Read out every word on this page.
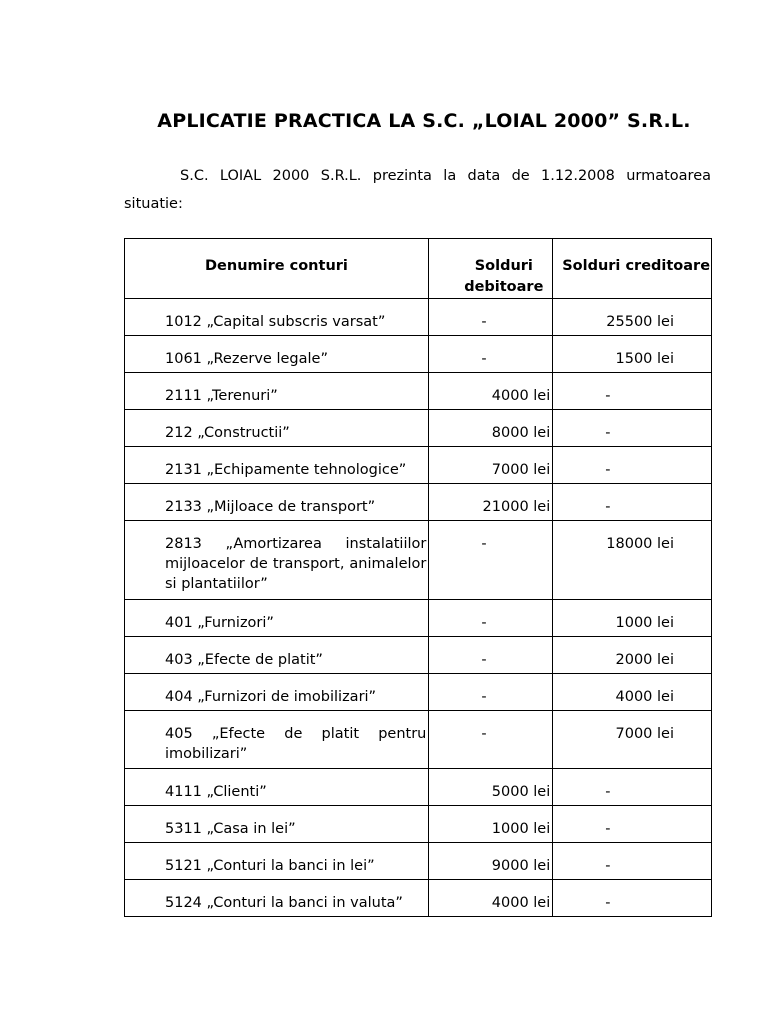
APLICATIE PRACTICA LA S.C. „LOIAL 2000” S.R.L.
S.C. LOIAL 2000 S.R.L. prezinta la data de 1.12.2008 urmatoarea
situatie:
Denumire conturi	Solduri debitoare	Solduri creditoare

1012 „Capital subscris varsat”	-	25500 lei

1061 „Rezerve legale”	-	1500 lei

2111 „Terenuri”	4000 lei	-

212 „Constructii”	8000 lei	-

2131 „Echipamente tehnologice”	7000 lei	-

2133 „Mijloace de transport”	21000 lei	-

2813 „Amortizarea instalatiilor mijloacelor de transport, animalelor si plantatiilor”	-	18000 lei

401 „Furnizori”	-	1000 lei

403 „Efecte de platit”	-	2000 lei

404 „Furnizori de imobilizari”	-	4000 lei

405 „Efecte de platit pentru imobilizari”	-	7000 lei

4111 „Clienti”	5000 lei	-

5311 „Casa in lei”	1000 lei	-

5121 „Conturi la banci in lei”	9000 lei	-

5124 „Conturi la banci in valuta”	4000 lei	-
